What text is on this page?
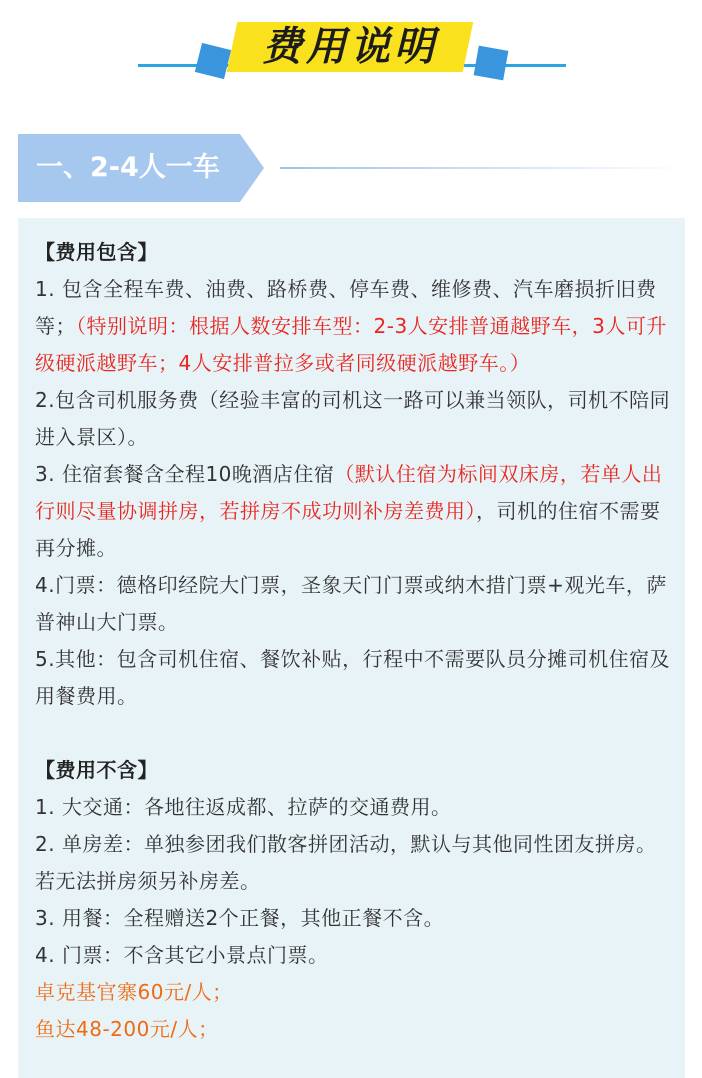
费用说明
一、2-4人一车

【费用包含】

1. 包含全程车费、油费、路桥费、停车费、维修费、汽车磨损折旧费等；（特别说明：根据人数安排车型：2-3人安排普通越野车，3人可升级硬派越野车；4人安排普拉多或者同级硬派越野车。）

2.包含司机服务费（经验丰富的司机这一路可以兼当领队，司机不陪同进入景区）。

3. 住宿套餐含全程10晚酒店住宿（默认住宿为标间双床房，若单人出行则尽量协调拼房，若拼房不成功则补房差费用），司机的住宿不需要再分摊。

4.门票：德格印经院大门票，圣象天门门票或纳木措门票+观光车，萨普神山大门票。

5.其他：包含司机住宿、餐饮补贴，行程中不需要队员分摊司机住宿及用餐费用。

【费用不含】

1. 大交通：各地往返成都、拉萨的交通费用。

2. 单房差：单独参团我们散客拼团活动，默认与其他同性团友拼房。若无法拼房须另补房差。

3. 用餐：全程赠送2个正餐，其他正餐不含。

4. 门票：不含其它小景点门票。

卓克基官寨60元/人；

鱼达48-200元/人；
